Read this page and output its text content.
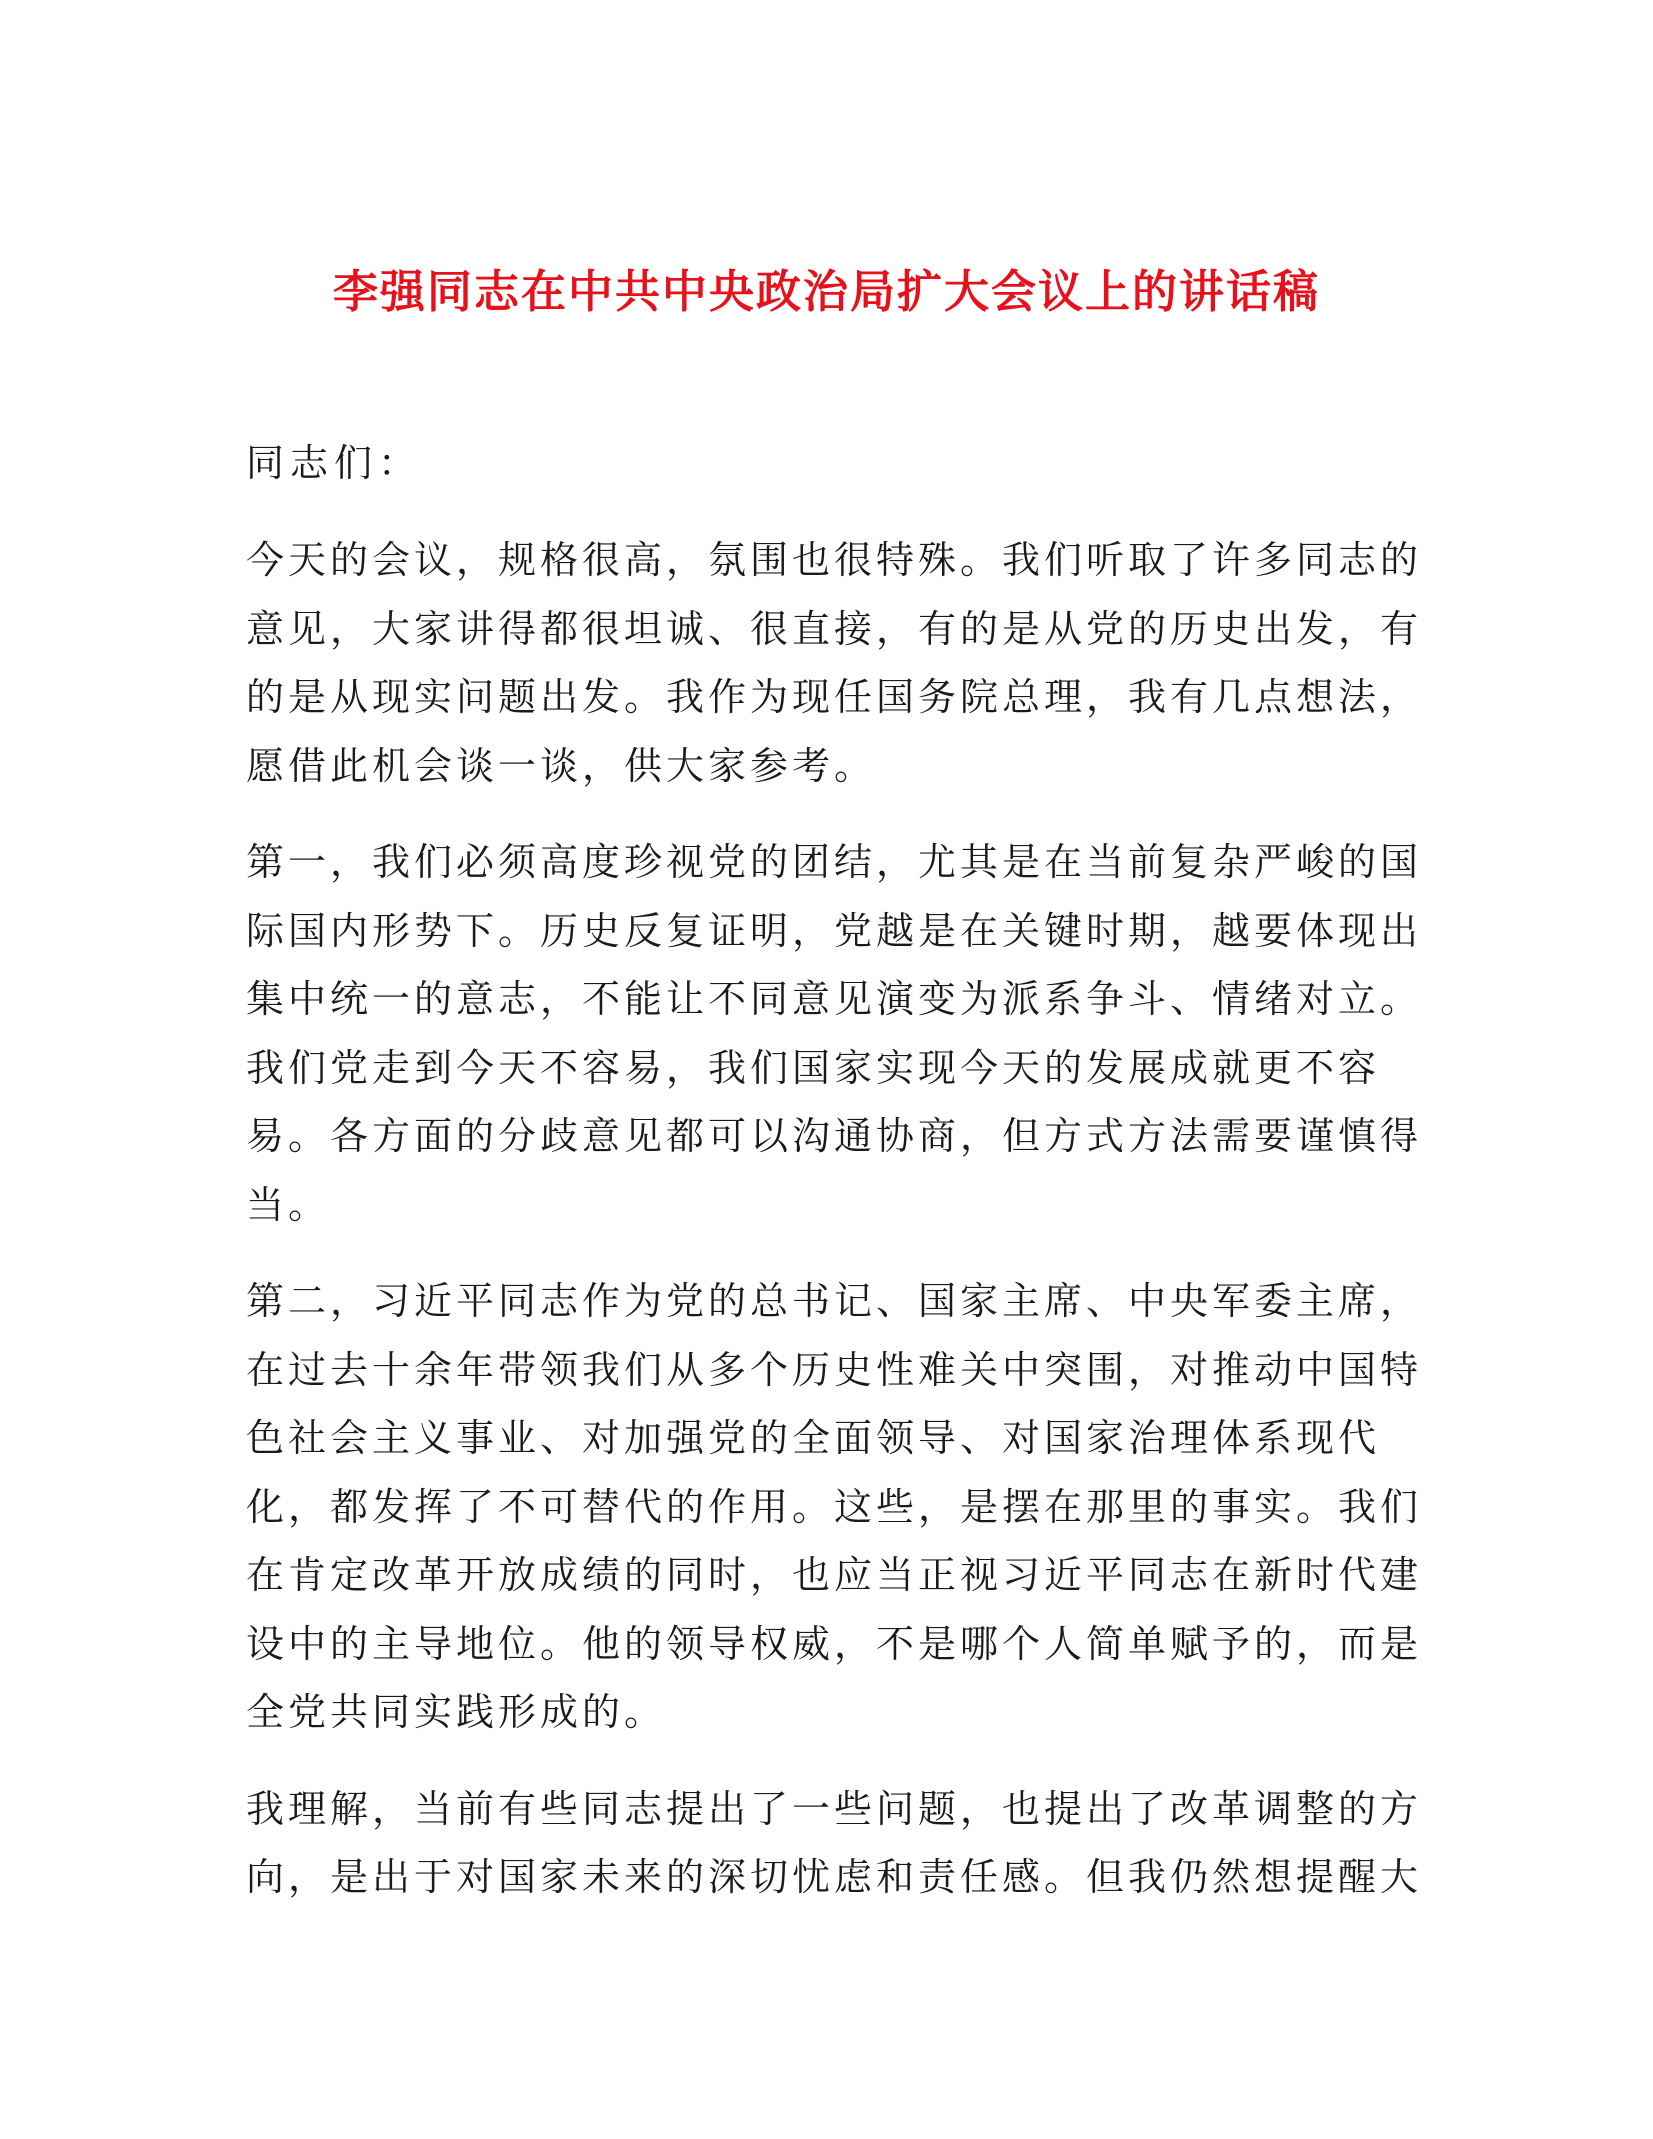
李强同志在中共中央政治局扩大会议上的讲话稿

同志们：

今天的会议，规格很高，氛围也很特殊。我们听取了许多同志的
意见，大家讲得都很坦诚、很直接，有的是从党的历史出发，有
的是从现实问题出发。我作为现任国务院总理，我有几点想法，
愿借此机会谈一谈，供大家参考。

第一，我们必须高度珍视党的团结，尤其是在当前复杂严峻的国
际国内形势下。历史反复证明，党越是在关键时期，越要体现出
集中统一的意志，不能让不同意见演变为派系争斗、情绪对立。
我们党走到今天不容易，我们国家实现今天的发展成就更不容
易。各方面的分歧意见都可以沟通协商，但方式方法需要谨慎得
当。

第二，习近平同志作为党的总书记、国家主席、中央军委主席，
在过去十余年带领我们从多个历史性难关中突围，对推动中国特
色社会主义事业、对加强党的全面领导、对国家治理体系现代
化，都发挥了不可替代的作用。这些，是摆在那里的事实。我们
在肯定改革开放成绩的同时，也应当正视习近平同志在新时代建
设中的主导地位。他的领导权威，不是哪个人简单赋予的，而是
全党共同实践形成的。

我理解，当前有些同志提出了一些问题，也提出了改革调整的方
向，是出于对国家未来的深切忧虑和责任感。但我仍然想提醒大
